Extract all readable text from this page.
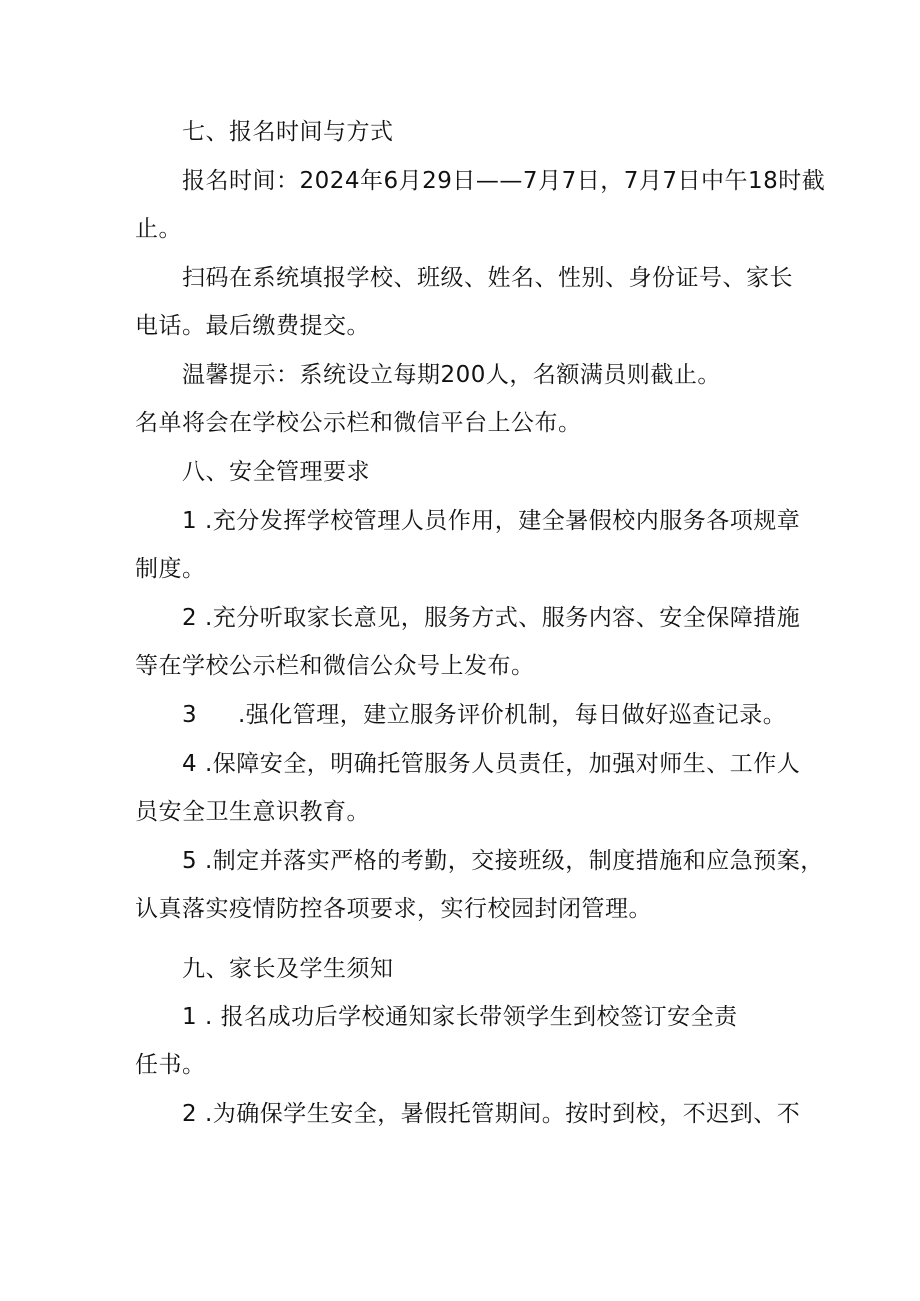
七、报名时间与方式
报名时间：2024年6月29日——7月7日，7月7日中午18时截
止。
扫码在系统填报学校、班级、姓名、性别、身份证号、家长
电话。最后缴费提交。
温馨提示：系统设立每期200人，名额满员则截止。
名单将会在学校公示栏和微信平台上公布。
八、安全管理要求
1 .充分发挥学校管理人员作用，建全暑假校内服务各项规章
制度。
2 .充分听取家长意见，服务方式、服务内容、安全保障措施
等在学校公示栏和微信公众号上发布。
3 .强化管理，建立服务评价机制，每日做好巡查记录。
4 .保障安全，明确托管服务人员责任，加强对师生、工作人
员安全卫生意识教育。
5 .制定并落实严格的考勤，交接班级，制度措施和应急预案，
认真落实疫情防控各项要求，实行校园封闭管理。
九、家长及学生须知
1 . 报名成功后学校通知家长带领学生到校签订安全责
任书。
2 .为确保学生安全，暑假托管期间。按时到校，不迟到、不
